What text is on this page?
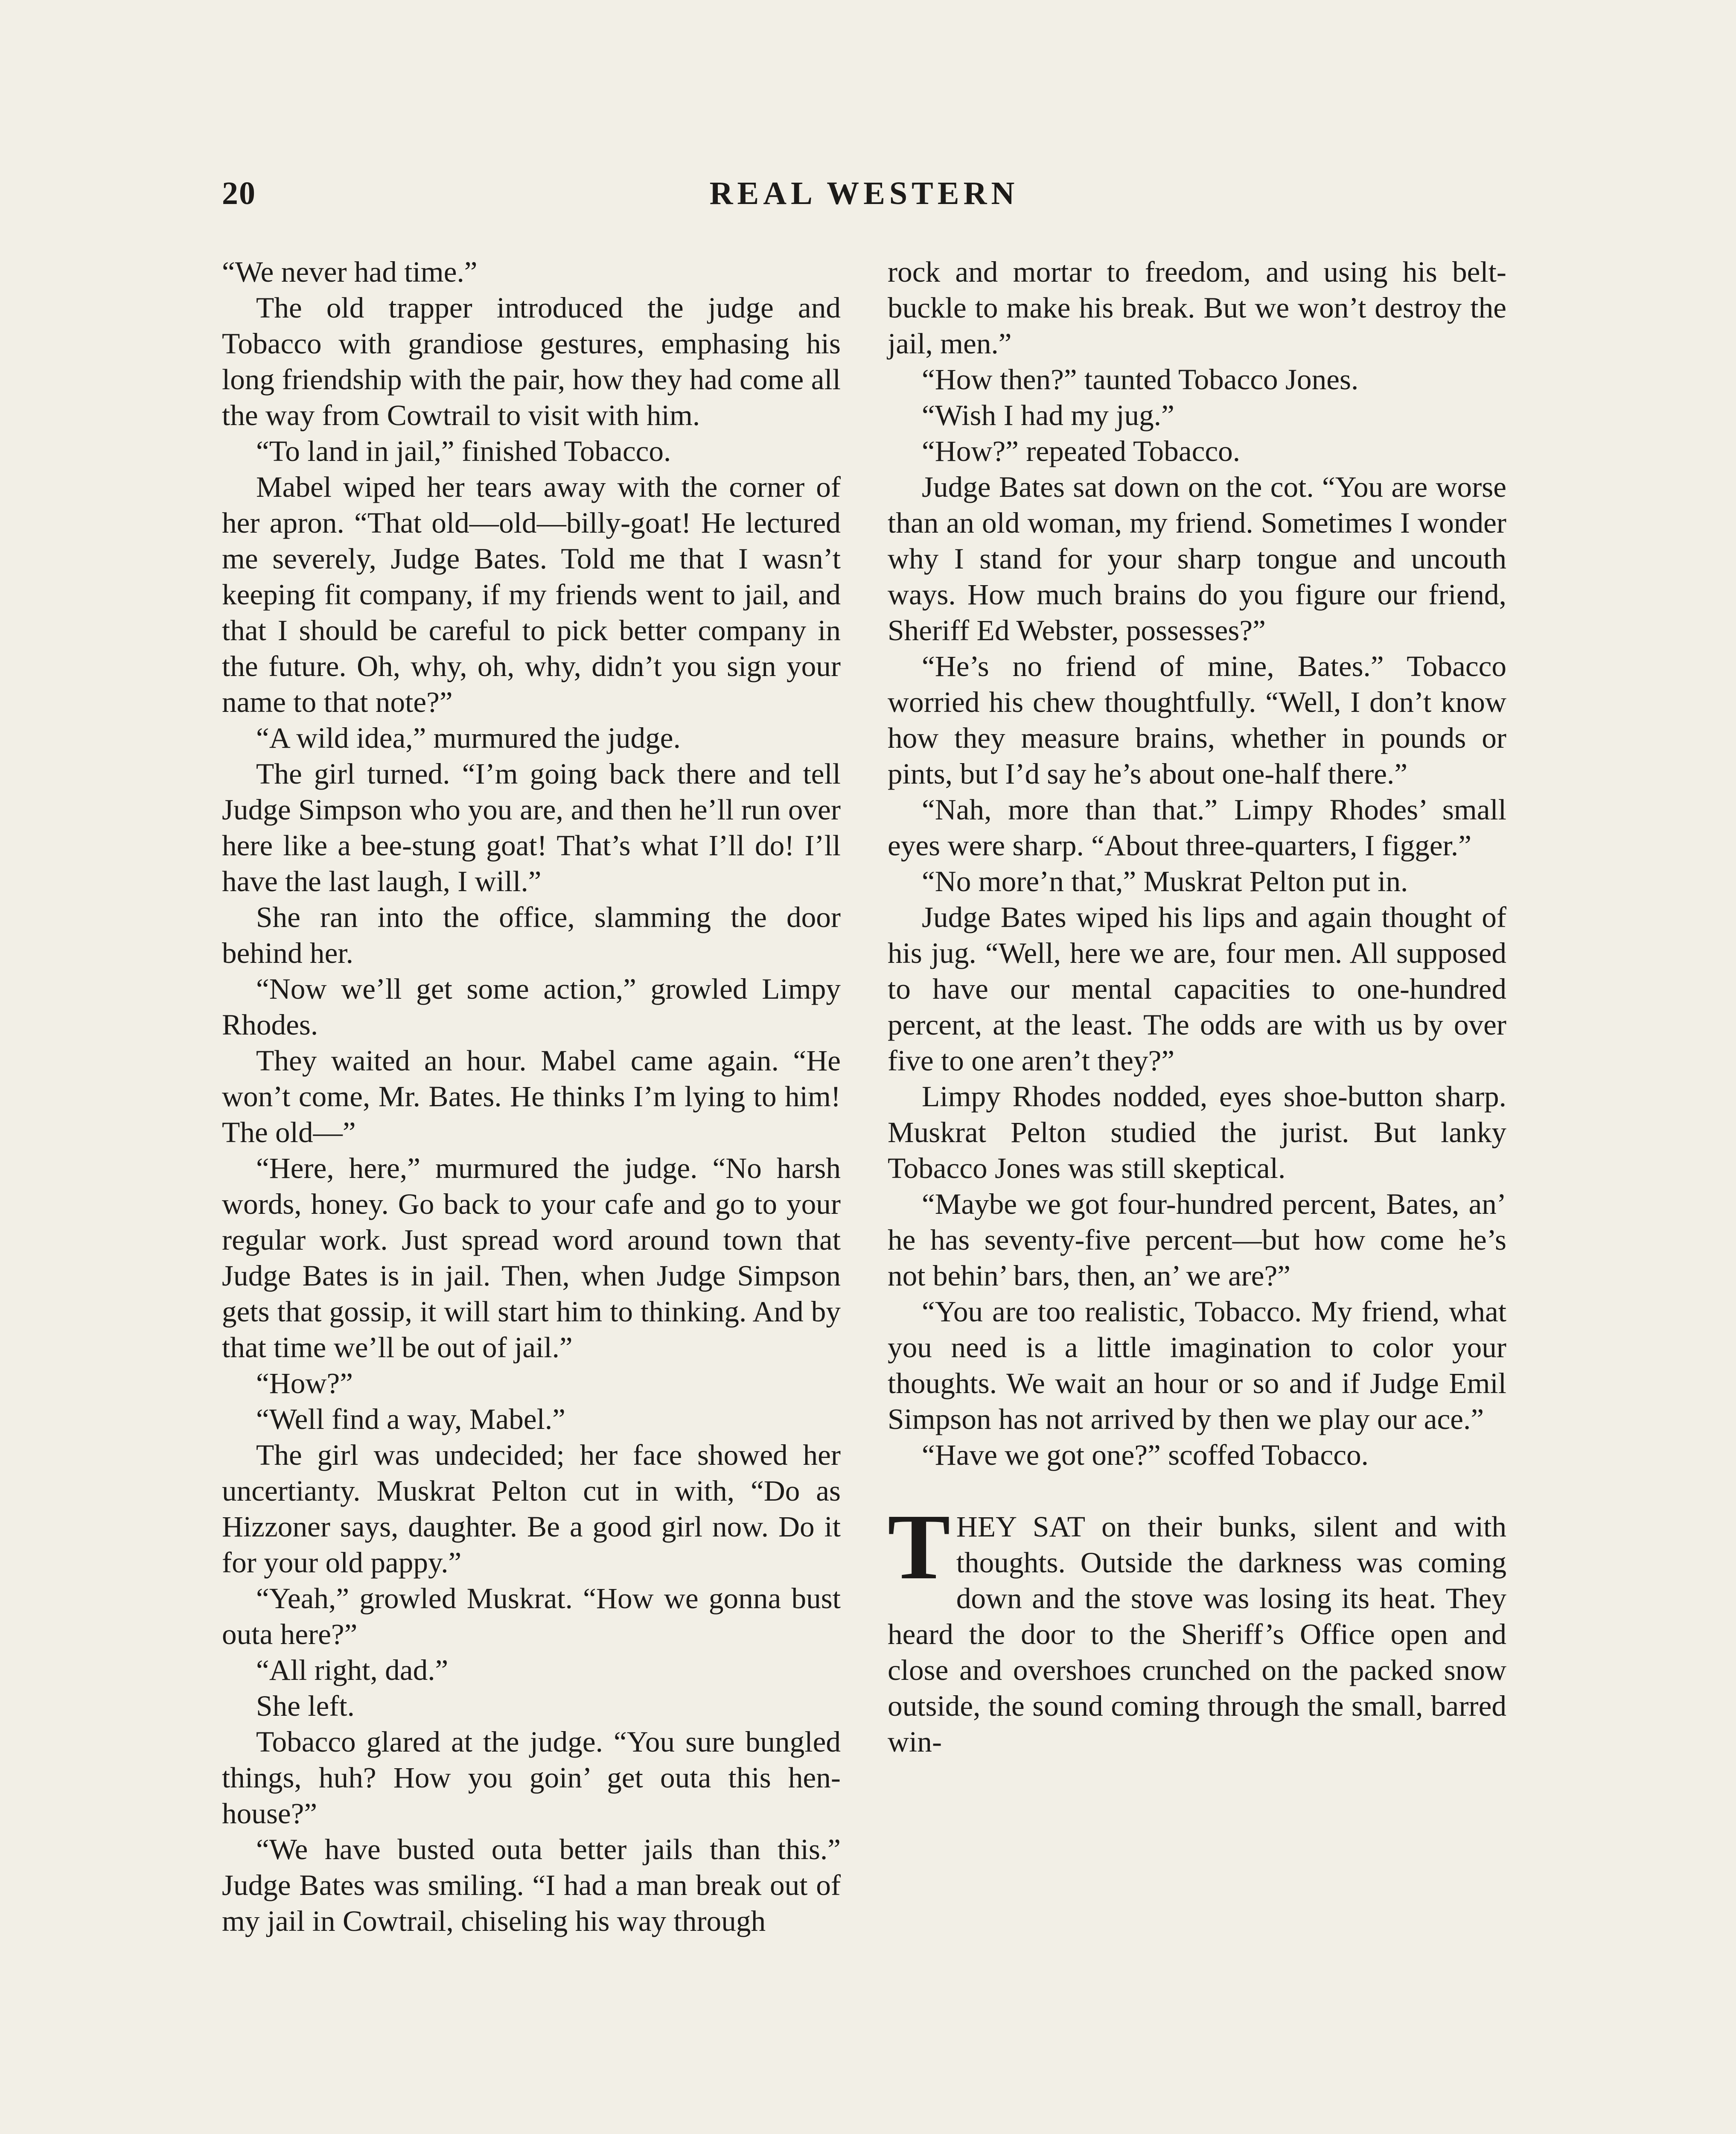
20	REAL WESTERN

“We never had time.”

The old trapper introduced the judge and Tobacco with grandiose gestures, emphasing his long friendship with the pair, how they had come all the way from Cowtrail to visit with him.

“To land in jail,” finished Tobacco.

Mabel wiped her tears away with the corner of her apron. “That old—old—billy-goat! He lectured me severely, Judge Bates. Told me that I wasn’t keeping fit company, if my friends went to jail, and that I should be careful to pick better company in the future. Oh, why, oh, why, didn’t you sign your name to that note?”

“A wild idea,” murmured the judge.

The girl turned. “I’m going back there and tell Judge Simpson who you are, and then he’ll run over here like a bee-stung goat! That’s what I’ll do! I’ll have the last laugh, I will.”

She ran into the office, slamming the door behind her.

“Now we’ll get some action,” growled Limpy Rhodes.

They waited an hour. Mabel came again. “He won’t come, Mr. Bates. He thinks I’m lying to him! The old—”

“Here, here,” murmured the judge. “No harsh words, honey. Go back to your cafe and go to your regular work. Just spread word around town that Judge Bates is in jail. Then, when Judge Simpson gets that gossip, it will start him to thinking. And by that time we’ll be out of jail.”

“How?”

“Well find a way, Mabel.”

The girl was undecided; her face showed her uncertianty. Muskrat Pelton cut in with, “Do as Hizzoner says, daughter. Be a good girl now. Do it for your old pappy.”

“Yeah,” growled Muskrat. “How we gonna bust outa here?”

“All right, dad.”

She left.

Tobacco glared at the judge. “You sure bungled things, huh? How you goin’ get outa this hen-house?”

“We have busted outa better jails than this.” Judge Bates was smiling. “I had a man break out of my jail in Cowtrail, chiseling his way through

rock and mortar to freedom, and using his belt-buckle to make his break. But we won’t destroy the jail, men.”

“How then?” taunted Tobacco Jones.

“Wish I had my jug.”

“How?” repeated Tobacco.

Judge Bates sat down on the cot. “You are worse than an old woman, my friend. Sometimes I wonder why I stand for your sharp tongue and uncouth ways. How much brains do you figure our friend, Sheriff Ed Webster, possesses?”

“He’s no friend of mine, Bates.” Tobacco worried his chew thoughtfully. “Well, I don’t know how they measure brains, whether in pounds or pints, but I’d say he’s about one-half there.”

“Nah, more than that.” Limpy Rhodes’ small eyes were sharp. “About three-quarters, I figger.”

“No more’n that,” Muskrat Pelton put in.

Judge Bates wiped his lips and again thought of his jug. “Well, here we are, four men. All supposed to have our mental capacities to one-hundred percent, at the least. The odds are with us by over five to one aren’t they?”

Limpy Rhodes nodded, eyes shoe-button sharp. Muskrat Pelton studied the jurist. But lanky Tobacco Jones was still skeptical.

“Maybe we got four-hundred percent, Bates, an’ he has seventy-five percent—but how come he’s not behin’ bars, then, an’ we are?”

“You are too realistic, Tobacco. My friend, what you need is a little imagination to color your thoughts. We wait an hour or so and if Judge Emil Simpson has not arrived by then we play our ace.”

“Have we got one?” scoffed Tobacco.

THEY SAT on their bunks, silent and with thoughts. Outside the darkness was coming down and the stove was losing its heat. They heard the door to the Sheriff’s Office open and close and overshoes crunched on the packed snow outside, the sound coming through the small, barred win-
